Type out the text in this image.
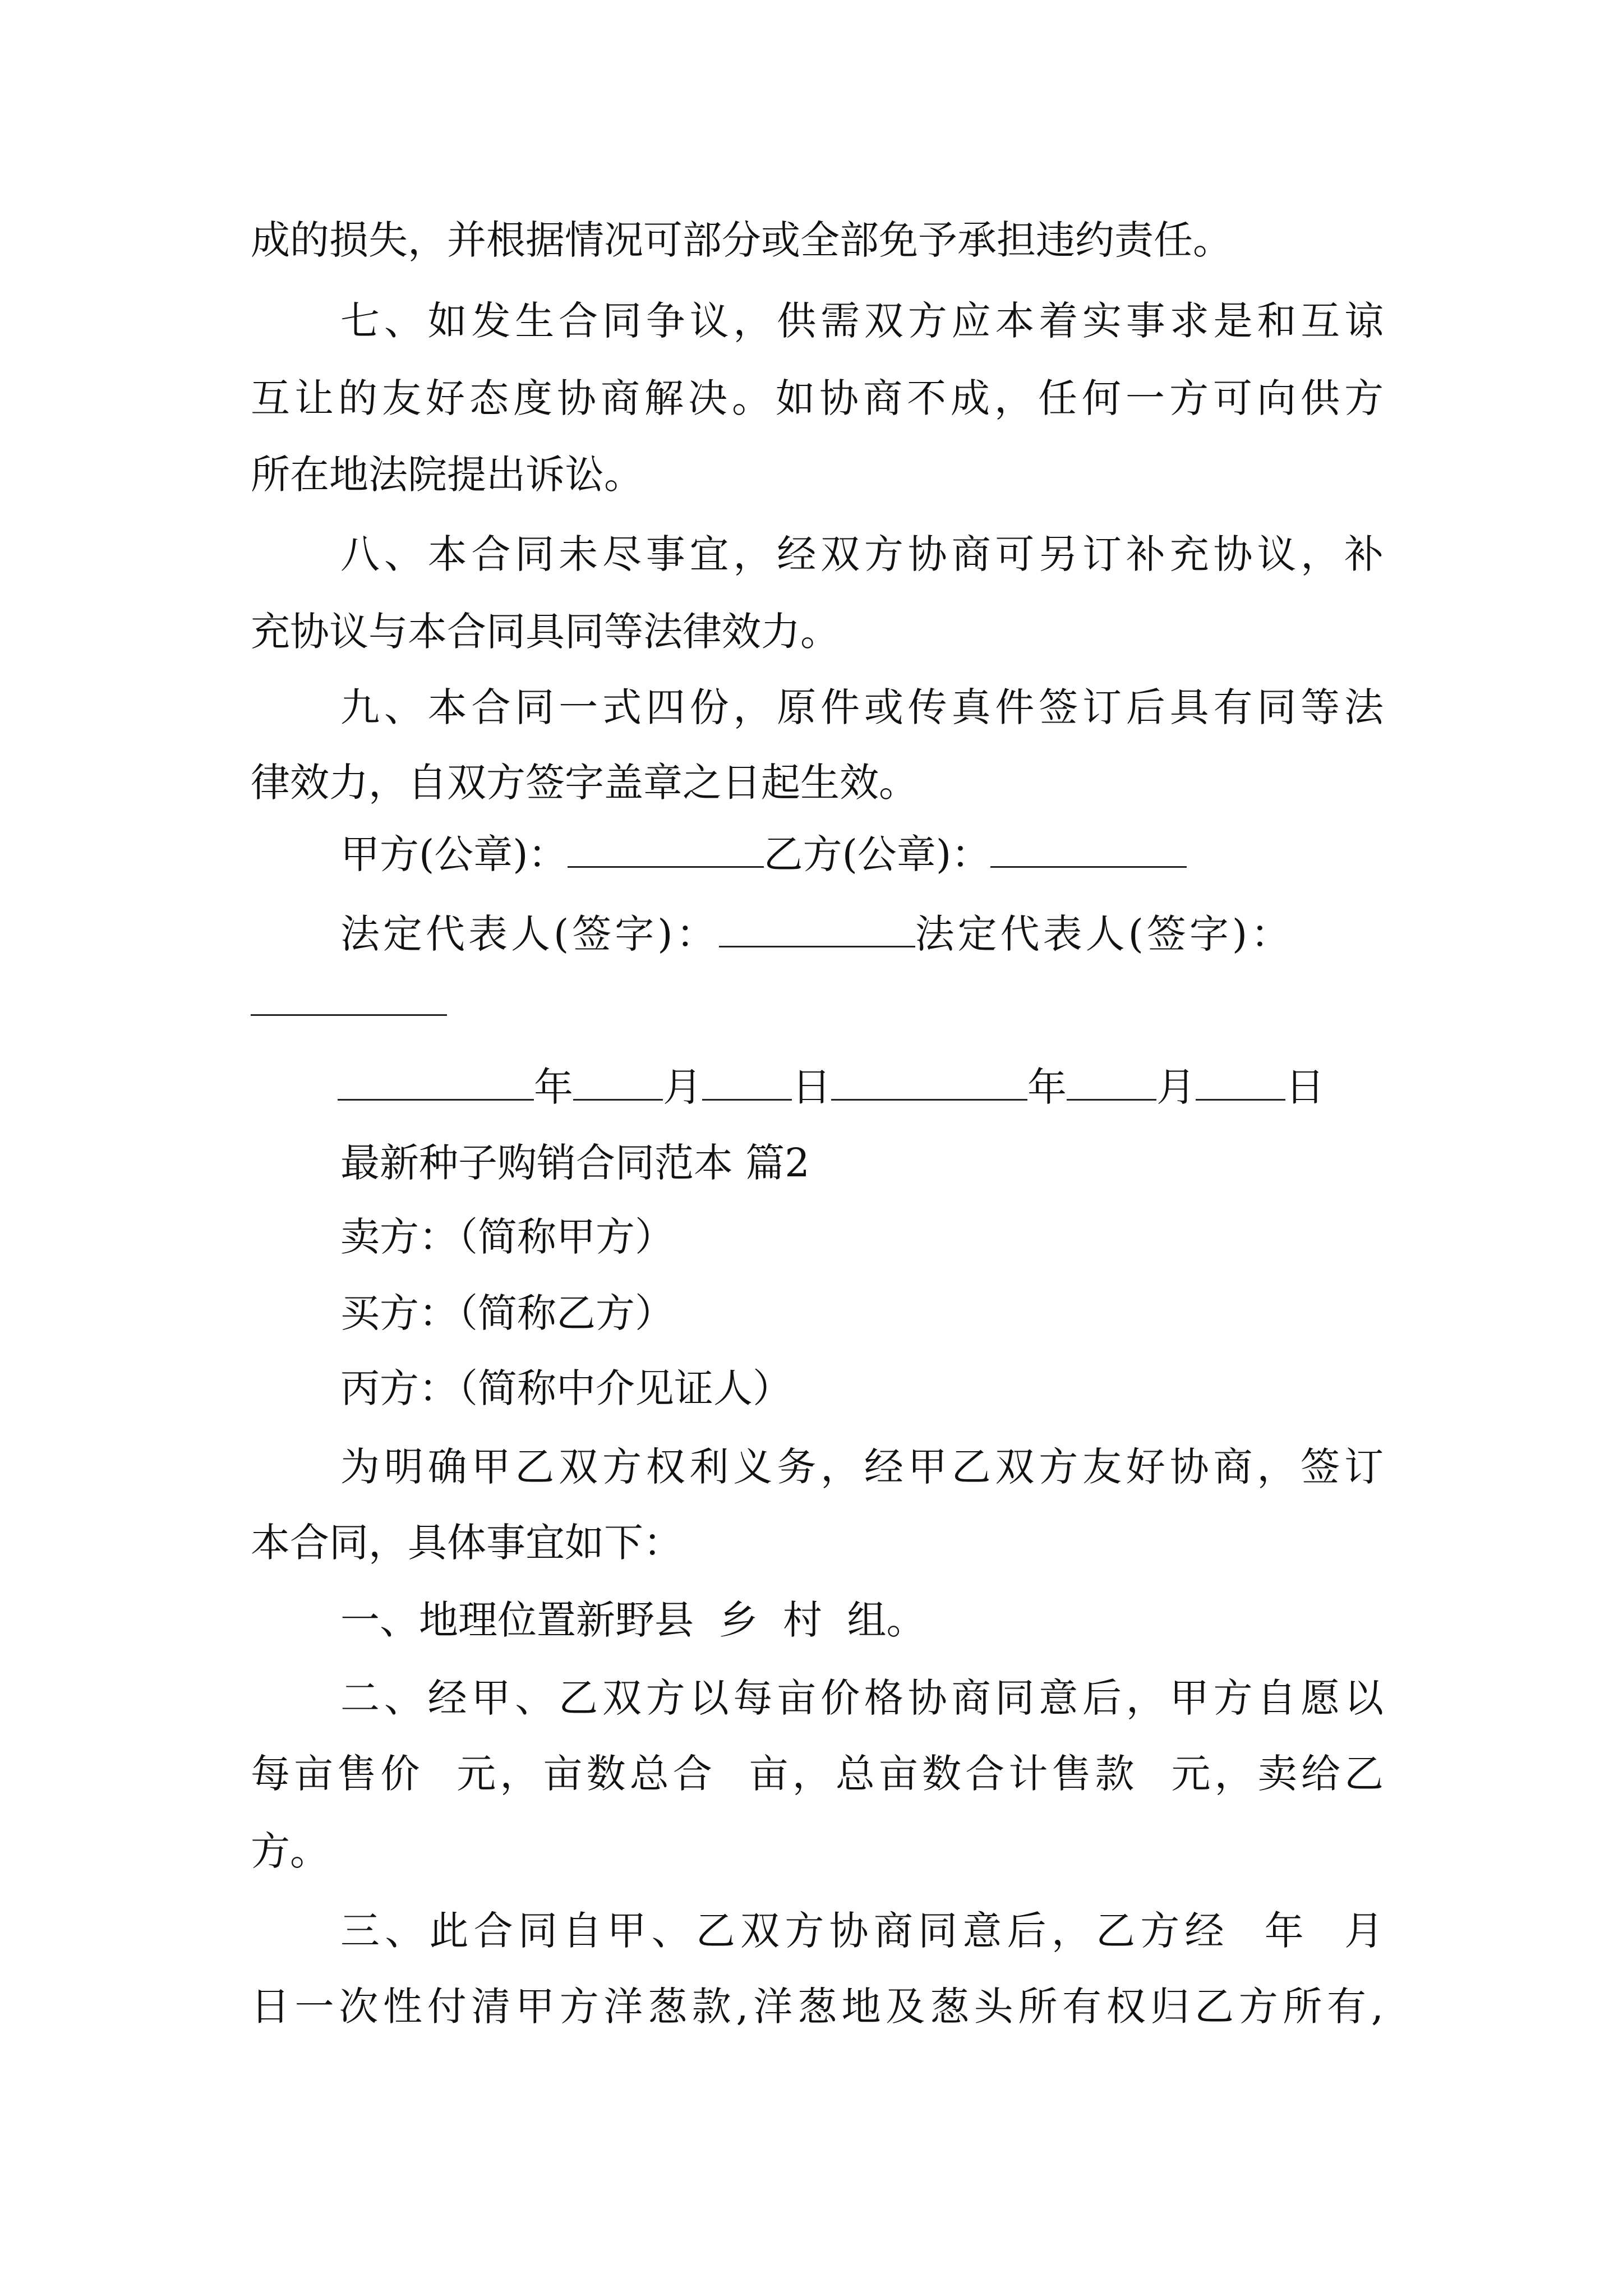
成的损失，并根据情况可部分或全部免予承担违约责任。
七、如发生合同争议，供需双方应本着实事求是和互谅
互让的友好态度协商解决。如协商不成，任何一方可向供方
所在地法院提出诉讼。
八、本合同未尽事宜，经双方协商可另订补充协议，补
充协议与本合同具同等法律效力。
九、本合同一式四份，原件或传真件签订后具有同等法
律效力，自双方签字盖章之日起生效。
甲方(公章)：	乙方(公章)：
法定代表人(签字)：	法定代表人(签字)：
年 月 日	年 月 日
最新种子购销合同范本 篇2
卖方：（简称甲方）
买方：（简称乙方）
丙方：（简称中介见证人）
为明确甲乙双方权利义务，经甲乙双方友好协商，签订
本合同，具体事宜如下：
一、地理位置新野县  乡  村  组。
二、经甲、乙双方以每亩价格协商同意后，甲方自愿以
每亩售价  元，亩数总合  亩，总亩数合计售款  元，卖给乙
方。
三、此合同自甲、乙双方协商同意后，乙方经  年  月
日一次性付清甲方洋葱款,洋葱地及葱头所有权归乙方所有,
